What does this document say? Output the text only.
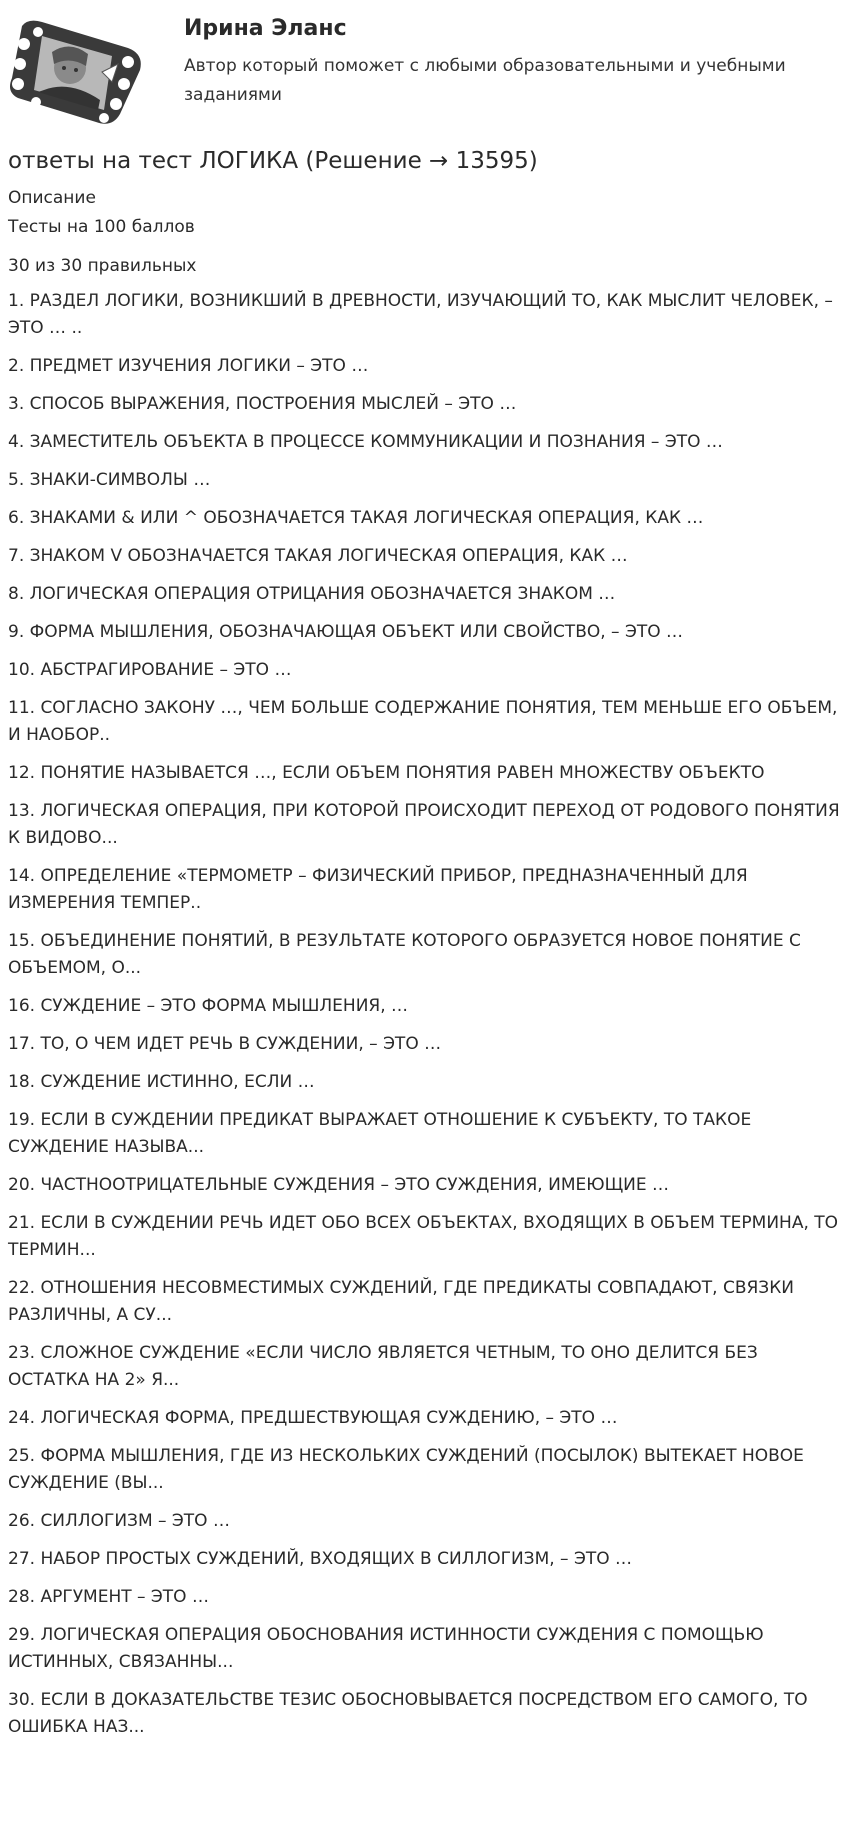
Ирина Эланс

Автор который поможет с любыми образовательными и учебными заданиями

ответы на тест ЛОГИКА (Решение → 13595)

Описание

Тесты на 100 баллов

30 из 30 правильных

1. РАЗДЕЛ ЛОГИКИ, ВОЗНИКШИЙ В ДРЕВНОСТИ, ИЗУЧАЮЩИЙ ТО, КАК МЫСЛИТ ЧЕЛОВЕК, – ЭТО … ..
2. ПРЕДМЕТ ИЗУЧЕНИЯ ЛОГИКИ – ЭТО …
3. СПОСОБ ВЫРАЖЕНИЯ, ПОСТРОЕНИЯ МЫСЛЕЙ – ЭТО …
4. ЗАМЕСТИТЕЛЬ ОБЪЕКТА В ПРОЦЕССЕ КОММУНИКАЦИИ И ПОЗНАНИЯ – ЭТО …
5. ЗНАКИ-СИМВОЛЫ …
6. ЗНАКАМИ & ИЛИ ^ ОБОЗНАЧАЕТСЯ ТАКАЯ ЛОГИЧЕСКАЯ ОПЕРАЦИЯ, КАК …
7. ЗНАКОМ V ОБОЗНАЧАЕТСЯ ТАКАЯ ЛОГИЧЕСКАЯ ОПЕРАЦИЯ, КАК …
8. ЛОГИЧЕСКАЯ ОПЕРАЦИЯ ОТРИЦАНИЯ ОБОЗНАЧАЕТСЯ ЗНАКОМ …
9. ФОРМА МЫШЛЕНИЯ, ОБОЗНАЧАЮЩАЯ ОБЪЕКТ ИЛИ СВОЙСТВО, – ЭТО …
10. АБСТРАГИРОВАНИЕ – ЭТО …
11. СОГЛАСНО ЗАКОНУ …, ЧЕМ БОЛЬШЕ СОДЕРЖАНИЕ ПОНЯТИЯ, ТЕМ МЕНЬШЕ ЕГО ОБЪЕМ, И НАОБОР..
12. ПОНЯТИЕ НАЗЫВАЕТСЯ …, ЕСЛИ ОБЪЕМ ПОНЯТИЯ РАВЕН МНОЖЕСТВУ ОБЪЕКТО
13. ЛОГИЧЕСКАЯ ОПЕРАЦИЯ, ПРИ КОТОРОЙ ПРОИСХОДИТ ПЕРЕХОД ОТ РОДОВОГО ПОНЯТИЯ К ВИДОВО...
14. ОПРЕДЕЛЕНИЕ «ТЕРМОМЕТР – ФИЗИЧЕСКИЙ ПРИБОР, ПРЕДНАЗНАЧЕННЫЙ ДЛЯ ИЗМЕРЕНИЯ ТЕМПЕР..
15. ОБЪЕДИНЕНИЕ ПОНЯТИЙ, В РЕЗУЛЬТАТЕ КОТОРОГО ОБРАЗУЕТСЯ НОВОЕ ПОНЯТИЕ С ОБЪЕМОМ, О...
16. СУЖДЕНИЕ – ЭТО ФОРМА МЫШЛЕНИЯ, …
17. ТО, О ЧЕМ ИДЕТ РЕЧЬ В СУЖДЕНИИ, – ЭТО …
18. СУЖДЕНИЕ ИСТИННО, ЕСЛИ …
19. ЕСЛИ В СУЖДЕНИИ ПРЕДИКАТ ВЫРАЖАЕТ ОТНОШЕНИЕ К СУБЪЕКТУ, ТО ТАКОЕ СУЖДЕНИЕ НАЗЫВА...
20. ЧАСТНООТРИЦАТЕЛЬНЫЕ СУЖДЕНИЯ – ЭТО СУЖДЕНИЯ, ИМЕЮЩИЕ …
21. ЕСЛИ В СУЖДЕНИИ РЕЧЬ ИДЕТ ОБО ВСЕХ ОБЪЕКТАХ, ВХОДЯЩИХ В ОБЪЕМ ТЕРМИНА, ТО ТЕРМИН...
22. ОТНОШЕНИЯ НЕСОВМЕСТИМЫХ СУЖДЕНИЙ, ГДЕ ПРЕДИКАТЫ СОВПАДАЮТ, СВЯЗКИ РАЗЛИЧНЫ, А СУ...
23. СЛОЖНОЕ СУЖДЕНИЕ «ЕСЛИ ЧИСЛО ЯВЛЯЕТСЯ ЧЕТНЫМ, ТО ОНО ДЕЛИТСЯ БЕЗ ОСТАТКА НА 2» Я...
24. ЛОГИЧЕСКАЯ ФОРМА, ПРЕДШЕСТВУЮЩАЯ СУЖДЕНИЮ, – ЭТО …
25. ФОРМА МЫШЛЕНИЯ, ГДЕ ИЗ НЕСКОЛЬКИХ СУЖДЕНИЙ (ПОСЫЛОК) ВЫТЕКАЕТ НОВОЕ СУЖДЕНИЕ (ВЫ...
26. СИЛЛОГИЗМ – ЭТО …
27. НАБОР ПРОСТЫХ СУЖДЕНИЙ, ВХОДЯЩИХ В СИЛЛОГИЗМ, – ЭТО …
28. АРГУМЕНТ – ЭТО …
29. ЛОГИЧЕСКАЯ ОПЕРАЦИЯ ОБОСНОВАНИЯ ИСТИННОСТИ СУЖДЕНИЯ С ПОМОЩЬЮ ИСТИННЫХ, СВЯЗАННЫ...
30. ЕСЛИ В ДОКАЗАТЕЛЬСТВЕ ТЕЗИС ОБОСНОВЫВАЕТСЯ ПОСРЕДСТВОМ ЕГО САМОГО, ТО ОШИБКА НАЗ...
